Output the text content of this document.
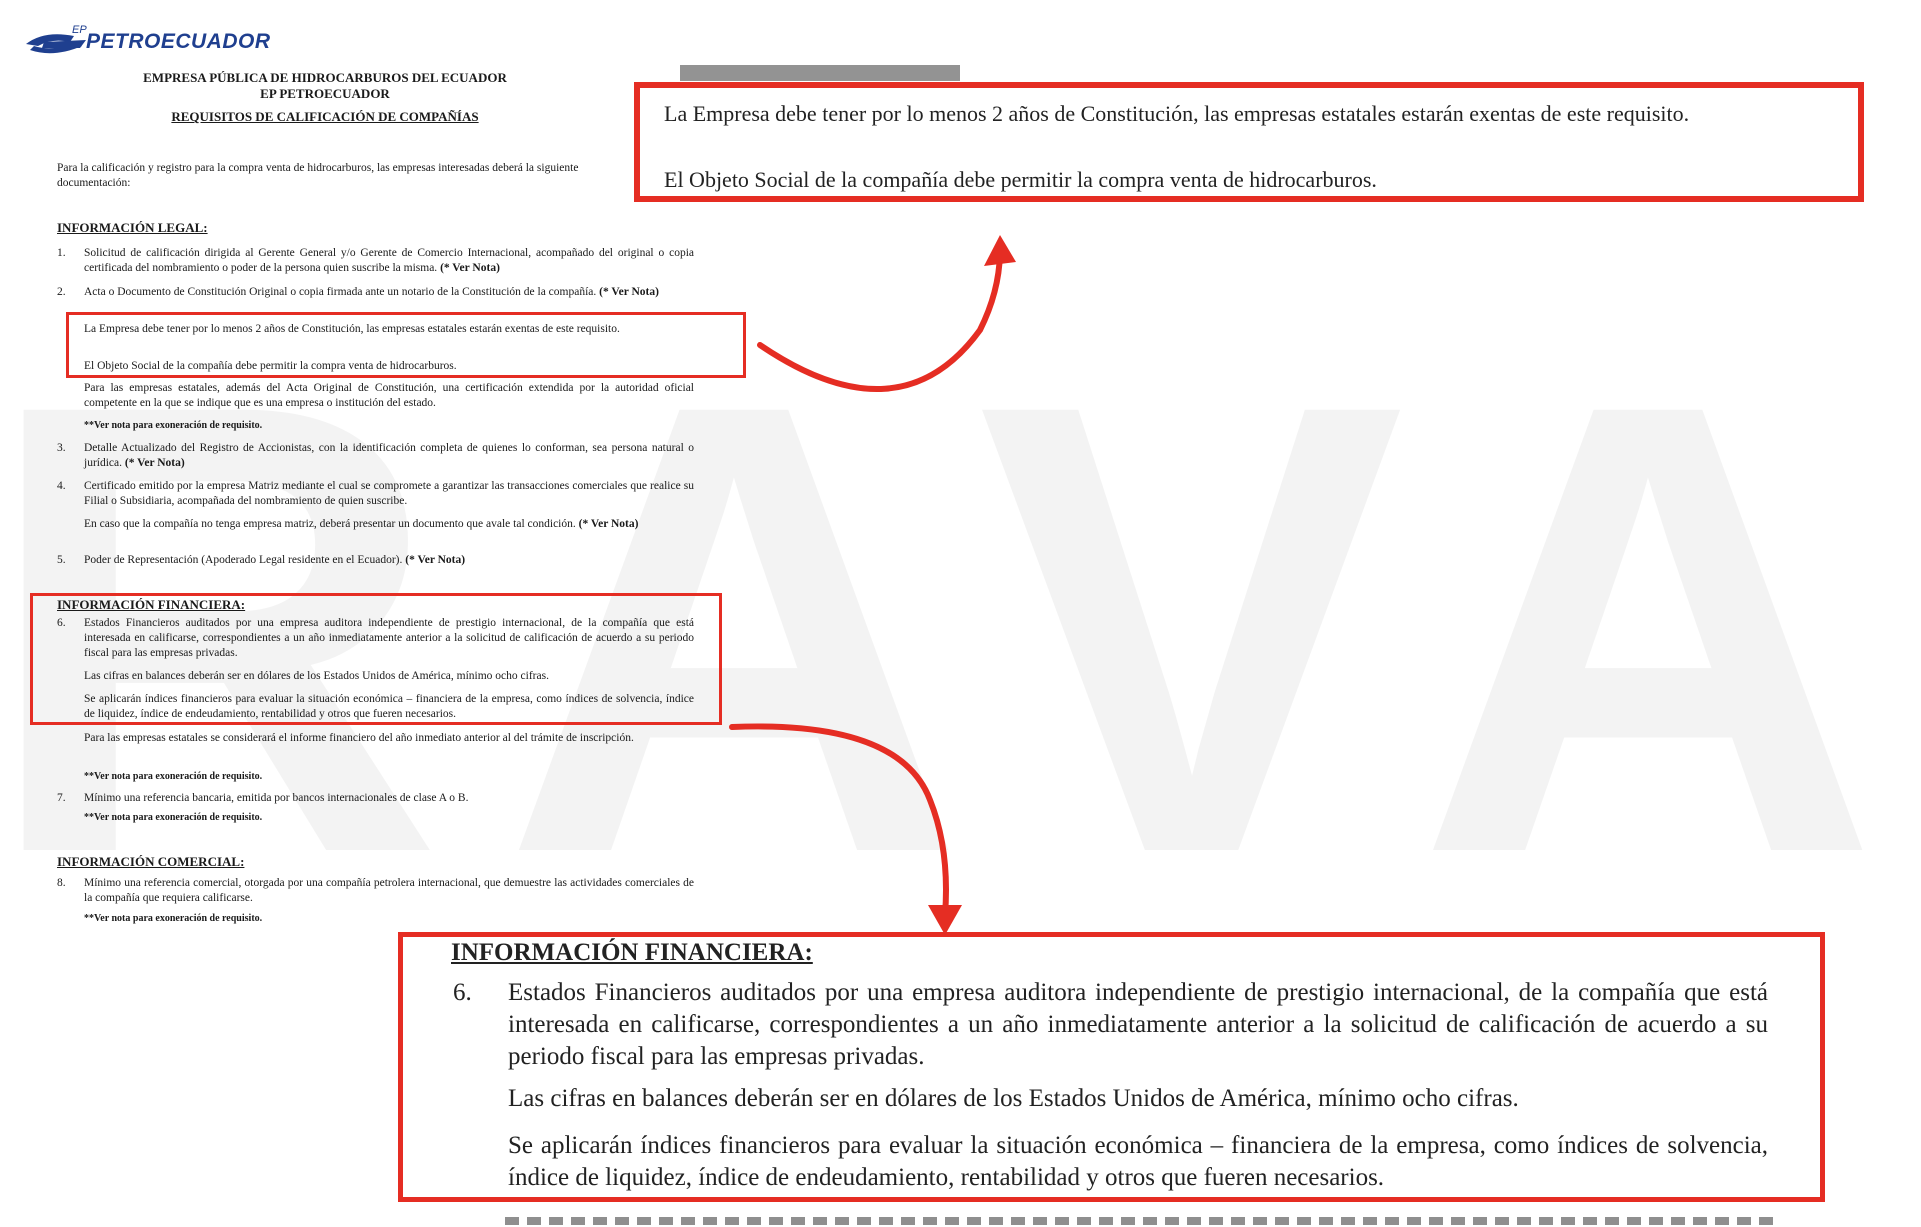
EP PETROECUADOR
EMPRESA PÚBLICA DE HIDROCARBUROS DEL ECUADOR
EP PETROECUADOR
REQUISITOS DE CALIFICACIÓN DE COMPAÑÍAS
Para la calificación y registro para la compra venta de hidrocarburos, las empresas interesadas deberá la siguiente documentación:
INFORMACIÓN LEGAL:
1. Solicitud de calificación dirigida al Gerente General y/o Gerente de Comercio Internacional, acompañado del original o copia certificada del nombramiento o poder de la persona quien suscribe la misma. (* Ver Nota)
2. Acta o Documento de Constitución Original o copia firmada ante un notario de la Constitución de la compañía. (* Ver Nota)
La Empresa debe tener por lo menos 2 años de Constitución, las empresas estatales estarán exentas de este requisito.
El Objeto Social de la compañía debe permitir la compra venta de hidrocarburos.
Para las empresas estatales, además del Acta Original de Constitución, una certificación extendida por la autoridad oficial competente en la que se indique que es una empresa o institución del estado.
**Ver nota para exoneración de requisito.
3. Detalle Actualizado del Registro de Accionistas, con la identificación completa de quienes lo conforman, sea persona natural o jurídica. (* Ver Nota)
4. Certificado emitido por la empresa Matriz mediante el cual se compromete a garantizar las transacciones comerciales que realice su Filial o Subsidiaria, acompañada del nombramiento de quien suscribe.
En caso que la compañía no tenga empresa matriz, deberá presentar un documento que avale tal condición. (* Ver Nota)
5. Poder de Representación (Apoderado Legal residente en el Ecuador). (* Ver Nota)
INFORMACIÓN FINANCIERA:
6. Estados Financieros auditados por una empresa auditora independiente de prestigio internacional, de la compañía que está interesada en calificarse, correspondientes a un año inmediatamente anterior a la solicitud de calificación de acuerdo a su periodo fiscal para las empresas privadas.
Las cifras en balances deberán ser en dólares de los Estados Unidos de América, mínimo ocho cifras.
Se aplicarán índices financieros para evaluar la situación económica – financiera de la empresa, como índices de solvencia, índice de liquidez, índice de endeudamiento, rentabilidad y otros que fueren necesarios.
Para las empresas estatales se considerará el informe financiero del año inmediato anterior al del trámite de inscripción.
**Ver nota para exoneración de requisito.
7. Mínimo una referencia bancaria, emitida por bancos internacionales de clase A o B.
**Ver nota para exoneración de requisito.
INFORMACIÓN COMERCIAL:
8. Mínimo una referencia comercial, otorgada por una compañía petrolera internacional, que demuestre las actividades comerciales de la compañía que requiera calificarse.
**Ver nota para exoneración de requisito.
La Empresa debe tener por lo menos 2 años de Constitución, las empresas estatales estarán exentas de este requisito.
El Objeto Social de la compañía debe permitir la compra venta de hidrocarburos.
INFORMACIÓN FINANCIERA:
6. Estados Financieros auditados por una empresa auditora independiente de prestigio internacional, de la compañía que está interesada en calificarse, correspondientes a un año inmediatamente anterior a la solicitud de calificación de acuerdo a su periodo fiscal para las empresas privadas.
Las cifras en balances deberán ser en dólares de los Estados Unidos de América, mínimo ocho cifras.
Se aplicarán índices financieros para evaluar la situación económica – financiera de la empresa, como índices de solvencia, índice de liquidez, índice de endeudamiento, rentabilidad y otros que fueren necesarios.
